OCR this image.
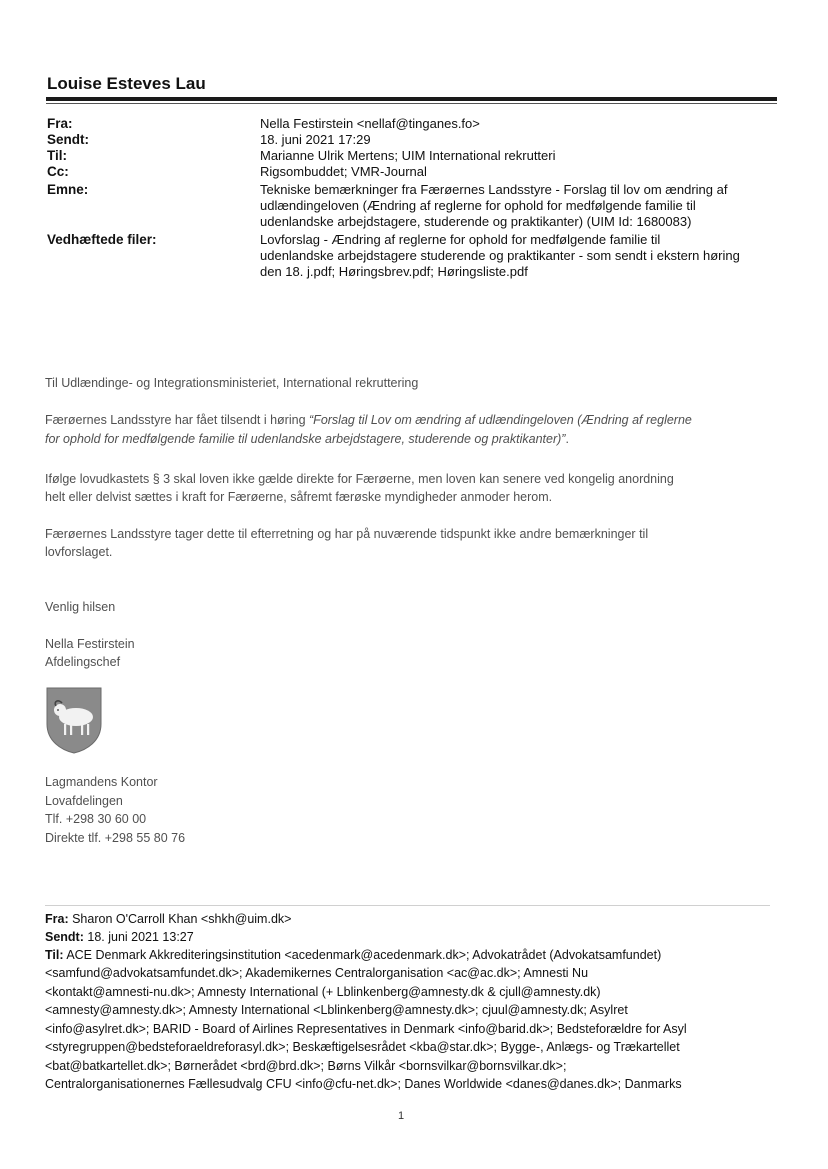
Louise Esteves Lau
Fra:	Nella Festirstein <nellaf@tinganes.fo>
Sendt:	18. juni 2021 17:29
Til:	Marianne Ulrik Mertens; UIM International rekrutteri
Cc:	Rigsombuddet; VMR-Journal
Emne:	Tekniske bemærkninger fra Færøernes Landsstyre - Forslag til lov om ændring af
udlændingeloven (Ændring af reglerne for ophold for medfølgende familie til
udenlandske arbejdstagere, studerende og praktikanter) (UIM Id: 1680083)
Vedhæftede filer:	Lovforslag - Ændring af reglerne for ophold for medfølgende familie til
udenlandske arbejdstagere studerende og praktikanter - som sendt i ekstern høring
den 18. j.pdf; Høringsbrev.pdf; Høringsliste.pdf
Til Udlændinge- og Integrationsministeriet, International rekruttering
Færøernes Landsstyre har fået tilsendt i høring “Forslag til Lov om ændring af udlændingeloven (Ændring af reglerne
for ophold for medfølgende familie til udenlandske arbejdstagere, studerende og praktikanter)”.
Ifølge lovudkastets § 3 skal loven ikke gælde direkte for Færøerne, men loven kan senere ved kongelig anordning
helt eller delvist sættes i kraft for Færøerne, såfremt færøske myndigheder anmoder herom.
Færøernes Landsstyre tager dette til efterretning og har på nuværende tidspunkt ikke andre bemærkninger til
lovforslaget.
Venlig hilsen
Nella Festirstein
Afdelingschef
Lagmandens Kontor
Lovafdelingen
Tlf. +298 30 60 00
Direkte tlf. +298 55 80 76
Fra: Sharon O'Carroll Khan <shkh@uim.dk>
Sendt: 18. juni 2021 13:27
Til: ACE Denmark Akkrediteringsinstitution <acedenmark@acedenmark.dk>; Advokatrådet (Advokatsamfundet)
<samfund@advokatsamfundet.dk>; Akademikernes Centralorganisation <ac@ac.dk>; Amnesti Nu
<kontakt@amnesti-nu.dk>; Amnesty International (+ Lblinkenberg@amnesty.dk & cjull@amnesty.dk)
<amnesty@amnesty.dk>; Amnesty International <Lblinkenberg@amnesty.dk>; cjuul@amnesty.dk; Asylret
<info@asylret.dk>; BARID - Board of Airlines Representatives in Denmark <info@barid.dk>; Bedsteforældre for Asyl
<styregruppen@bedsteforaeldreforasyl.dk>; Beskæftigelsesrådet <kba@star.dk>; Bygge-, Anlægs- og Trækartellet
<bat@batkartellet.dk>; Børnerådet <brd@brd.dk>; Børns Vilkår <bornsvilkar@bornsvilkar.dk>;
Centralorganisationernes Fællesudvalg CFU <info@cfu-net.dk>; Danes Worldwide <danes@danes.dk>; Danmarks
1
